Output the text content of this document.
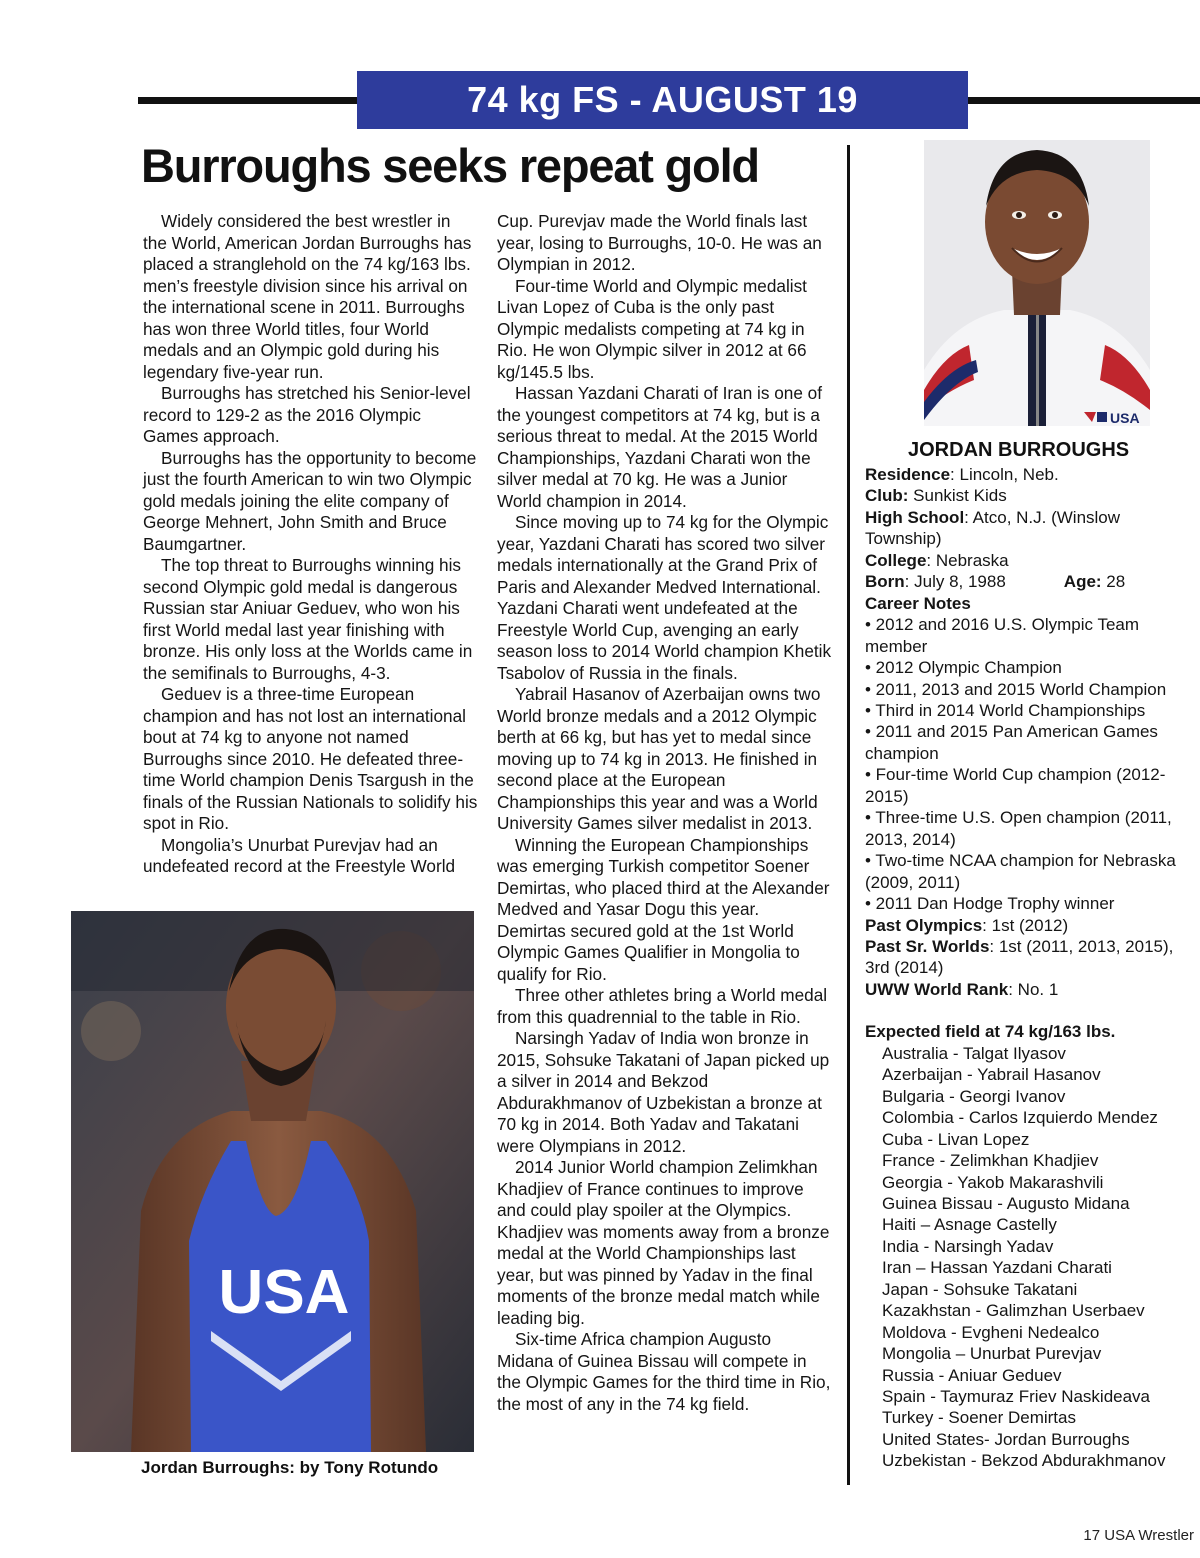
74 kg FS - AUGUST 19
Burroughs seeks repeat gold

Widely considered the best wrestler in the World, American Jordan Burroughs has placed a stranglehold on the 74 kg/163 lbs. men’s freestyle division since his arrival on the international scene in 2011. Burroughs has won three World titles, four World medals and an Olympic gold during his legendary five-year run.

Burroughs has stretched his Senior-level record to 129-2 as the 2016 Olympic Games approach.

Burroughs has the opportunity to become just the fourth American to win two Olympic gold medals joining the elite company of George Mehnert, John Smith and Bruce Baumgartner.

The top threat to Burroughs winning his second Olympic gold medal is dangerous Russian star Aniuar Geduev, who won his first World medal last year finishing with bronze. His only loss at the Worlds came in the semifinals to Burroughs, 4-3.

Geduev is a three-time European champion and has not lost an international bout at 74 kg to anyone not named Burroughs since 2010. He defeated three-time World champion Denis Tsargush in the finals of the Russian Nationals to solidify his spot in Rio.

Mongolia’s Unurbat Purevjav had an undefeated record at the Freestyle World

Cup. Purevjav made the World finals last year, losing to Burroughs, 10-0. He was an Olympian in 2012.

Four-time World and Olympic medalist Livan Lopez of Cuba is the only past Olympic medalists competing at 74 kg in Rio. He won Olympic silver in 2012 at 66 kg/145.5 lbs.

Hassan Yazdani Charati of Iran is one of the youngest competitors at 74 kg, but is a serious threat to medal. At the 2015 World Championships, Yazdani Charati won the silver medal at 70 kg. He was a Junior World champion in 2014.

Since moving up to 74 kg for the Olympic year, Yazdani Charati has scored two silver medals internationally at the Grand Prix of Paris and Alexander Medved International. Yazdani Charati went undefeated at the Freestyle World Cup, avenging an early season loss to 2014 World champion Khetik Tsabolov of Russia in the finals.

Yabrail Hasanov of Azerbaijan owns two World bronze medals and a 2012 Olympic berth at 66 kg, but has yet to medal since moving up to 74 kg in 2013. He finished in second place at the European Championships this year and was a World University Games silver medalist in 2013.

Winning the European Championships was emerging Turkish competitor Soener Demirtas, who placed third at the Alexander Medved and Yasar Dogu this year. Demirtas secured gold at the 1st World Olympic Games Qualifier in Mongolia to qualify for Rio.

Three other athletes bring a World medal from this quadrennial to the table in Rio.

Narsingh Yadav of India won bronze in 2015, Sohsuke Takatani of Japan picked up a silver in 2014 and Bekzod Abdurakhmanov of Uzbekistan a bronze at 70 kg in 2014. Both Yadav and Takatani were Olympians in 2012.

2014 Junior World champion Zelimkhan Khadjiev of France continues to improve and could play spoiler at the Olympics. Khadjiev was moments away from a bronze medal at the World Championships last year, but was pinned by Yadav in the final moments of the bronze medal match while leading big.

Six-time Africa champion Augusto Midana of Guinea Bissau will compete in the Olympic Games for the third time in Rio, the most of any in the 74 kg field.

USA
Jordan Burroughs: by Tony Rotundo
USA
JORDAN BURROUGHS

Residence: Lincoln, Neb.

Club: Sunkist Kids

High School: Atco, N.J. (Winslow Township)

College: Nebraska

Born: July 8, 1988	Age: 28

Career Notes

• 2012 and 2016 U.S. Olympic Team member

• 2012 Olympic Champion

• 2011, 2013 and 2015 World Champion

• Third in 2014 World Championships

• 2011 and 2015 Pan American Games champion

• Four-time World Cup champion (2012-2015)

• Three-time U.S. Open champion (2011, 2013, 2014)

• Two-time NCAA champion for Nebraska (2009, 2011)

• 2011 Dan Hodge Trophy winner

Past Olympics: 1st (2012)

Past Sr. Worlds: 1st (2011, 2013, 2015), 3rd (2014)

UWW World Rank: No. 1

Expected field at 74 kg/163 lbs.

Australia - Talgat Ilyasov

Azerbaijan - Yabrail Hasanov

Bulgaria - Georgi Ivanov

Colombia - Carlos Izquierdo Mendez

Cuba - Livan Lopez

France - Zelimkhan Khadjiev

Georgia - Yakob Makarashvili

Guinea Bissau - Augusto Midana

Haiti – Asnage Castelly

India - Narsingh Yadav

Iran – Hassan Yazdani Charati

Japan - Sohsuke Takatani

Kazakhstan - Galimzhan Userbaev

Moldova - Evgheni Nedealco

Mongolia – Unurbat Purevjav

Russia - Aniuar Geduev

Spain - Taymuraz Friev Naskideava

Turkey - Soener Demirtas

United States- Jordan Burroughs

Uzbekistan - Bekzod Abdurakhmanov

17 USA Wrestler
